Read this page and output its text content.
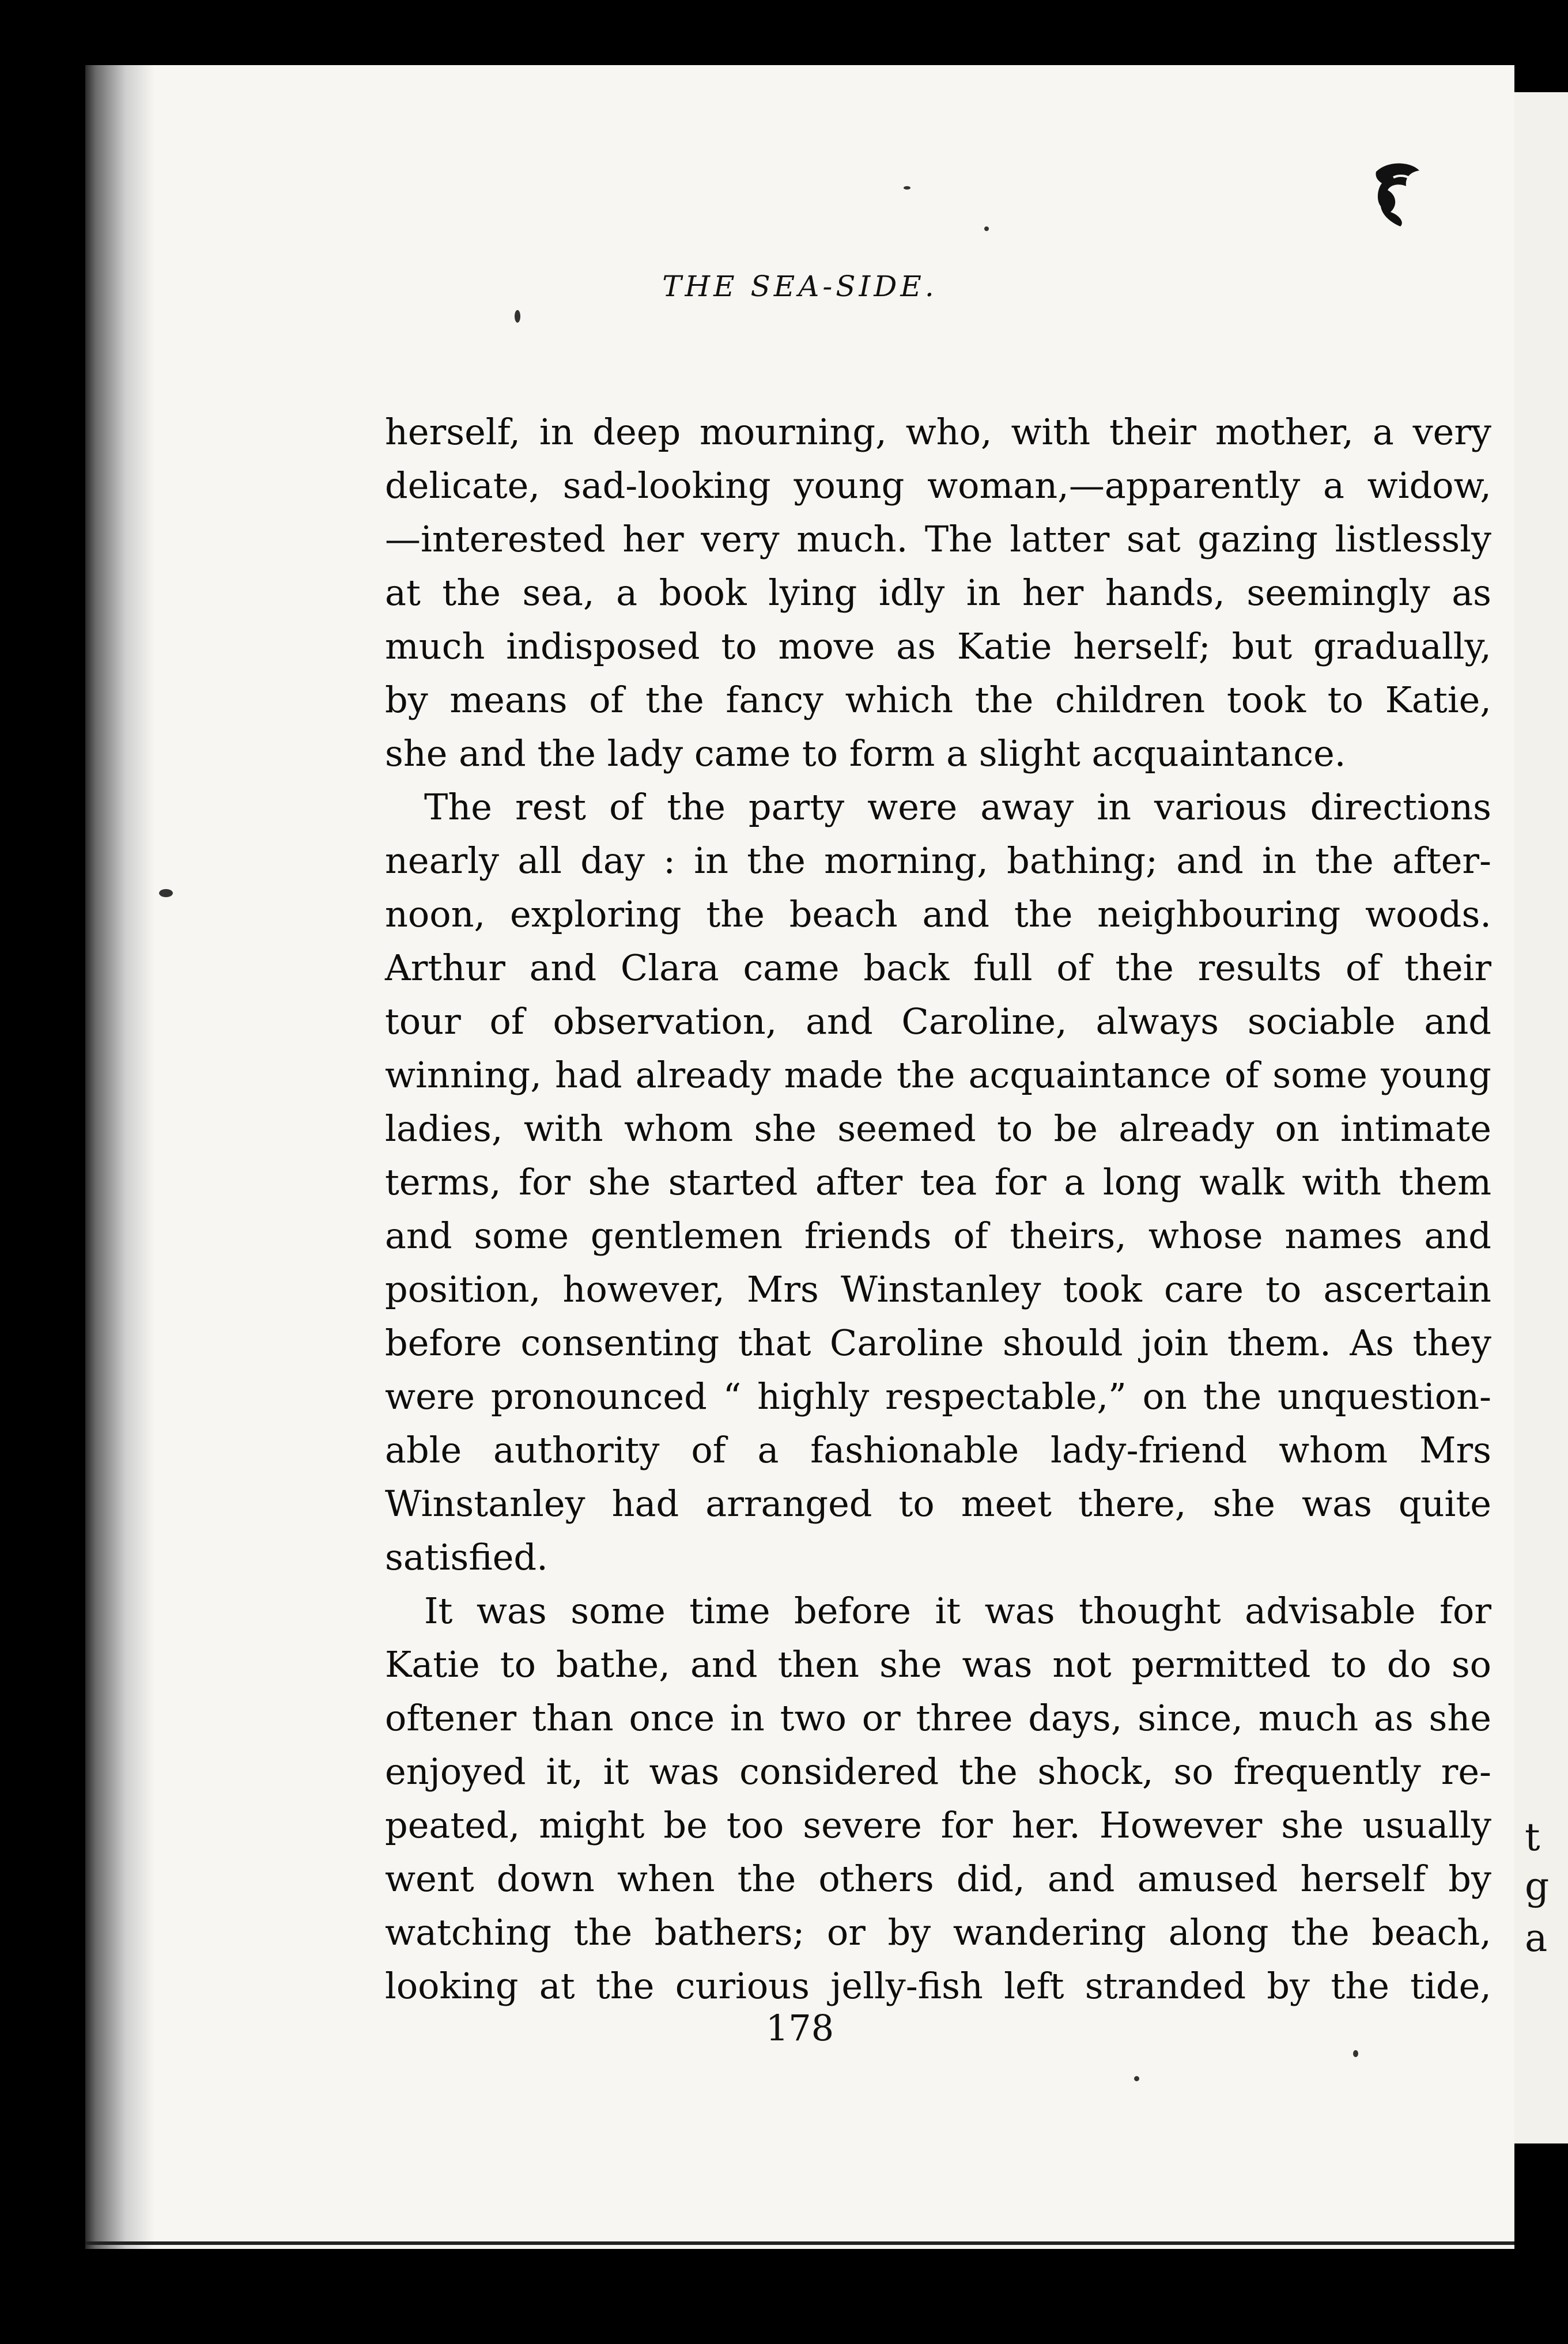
THE SEA-SIDE.
herself, in deep mourning, who, with their mother, a very
delicate, sad-looking young woman,—apparently a widow,
—interested her very much. The latter sat gazing listlessly
at the sea, a book lying idly in her hands, seemingly as
much indisposed to move as Katie herself; but gradually,
by means of the fancy which the children took to Katie,
she and the lady came to form a slight acquaintance.
The rest of the party were away in various directions
nearly all day : in the morning, bathing; and in the after-
noon, exploring the beach and the neighbouring woods.
Arthur and Clara came back full of the results of their
tour of observation, and Caroline, always sociable and
winning, had already made the acquaintance of some young
ladies, with whom she seemed to be already on intimate
terms, for she started after tea for a long walk with them
and some gentlemen friends of theirs, whose names and
position, however, Mrs Winstanley took care to ascertain
before consenting that Caroline should join them. As they
were pronounced “ highly respectable,” on the unquestion-
able authority of a fashionable lady-friend whom Mrs
Winstanley had arranged to meet there, she was quite
satisfied.
It was some time before it was thought advisable for
Katie to bathe, and then she was not permitted to do so
oftener than once in two or three days, since, much as she
enjoyed it, it was considered the shock, so frequently re-
peated, might be too severe for her. However she usually
went down when the others did, and amused herself by
watching the bathers; or by wandering along the beach,
looking at the curious jelly-fish left stranded by the tide,
178
t
g
a
